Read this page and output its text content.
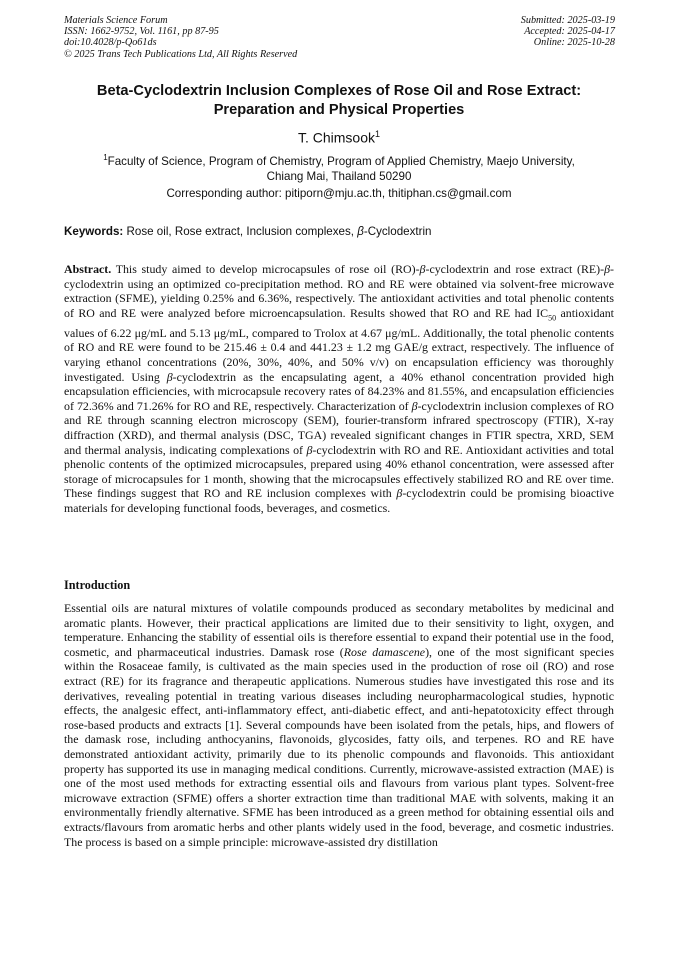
Materials Science Forum
ISSN: 1662-9752, Vol. 1161, pp 87-95
doi:10.4028/p-Qo61ds
© 2025 Trans Tech Publications Ltd, All Rights Reserved
Submitted: 2025-03-19
Accepted: 2025-04-17
Online: 2025-10-28
Beta-Cyclodextrin Inclusion Complexes of Rose Oil and Rose Extract:
Preparation and Physical Properties
T. Chimsook$^1$
$^1$Faculty of Science, Program of Chemistry, Program of Applied Chemistry, Maejo University,
Chiang Mai, Thailand 50290
Corresponding author: pitiporn@mju.ac.th, thitiphan.cs@gmail.com
Keywords: Rose oil, Rose extract, Inclusion complexes, β-Cyclodextrin
Abstract. This study aimed to develop microcapsules of rose oil (RO)-β-cyclodextrin and rose extract (RE)-β-cyclodextrin using an optimized co-precipitation method. RO and RE were obtained via solvent-free microwave extraction (SFME), yielding 0.25% and 6.36%, respectively. The antioxidant activities and total phenolic contents of RO and RE were analyzed before microencapsulation. Results showed that RO and RE had $IC_{50}$ antioxidant values of 6.22 μg/mL and 5.13 μg/mL, compared to Trolox at 4.67 μg/mL. Additionally, the total phenolic contents of RO and RE were found to be 215.46 ± 0.4 and 441.23 ± 1.2 mg GAE/g extract, respectively. The influence of varying ethanol concentrations (20%, 30%, 40%, and 50% v/v) on encapsulation efficiency was thoroughly investigated. Using β-cyclodextrin as the encapsulating agent, a 40% ethanol concentration provided high encapsulation efficiencies, with microcapsule recovery rates of 84.23% and 81.55%, and encapsulation efficiencies of 72.36% and 71.26% for RO and RE, respectively. Characterization of β-cyclodextrin inclusion complexes of RO and RE through scanning electron microscopy (SEM), fourier-transform infrared spectroscopy (FTIR), X-ray diffraction (XRD), and thermal analysis (DSC, TGA) revealed significant changes in FTIR spectra, XRD, SEM and thermal analysis, indicating complexations of β-cyclodextrin with RO and RE. Antioxidant activities and total phenolic contents of the optimized microcapsules, prepared using 40% ethanol concentration, were assessed after storage of microcapsules for 1 month, showing that the microcapsules effectively stabilized RO and RE over time. These findings suggest that RO and RE inclusion complexes with β-cyclodextrin could be promising bioactive materials for developing functional foods, beverages, and cosmetics.
Introduction
Essential oils are natural mixtures of volatile compounds produced as secondary metabolites by medicinal and aromatic plants. However, their practical applications are limited due to their sensitivity to light, oxygen, and temperature. Enhancing the stability of essential oils is therefore essential to expand their potential use in the food, cosmetic, and pharmaceutical industries. Damask rose (Rose damascene), one of the most significant species within the Rosaceae family, is cultivated as the main species used in the production of rose oil (RO) and rose extract (RE) for its fragrance and therapeutic applications. Numerous studies have investigated this rose and its derivatives, revealing potential in treating various diseases including neuropharmacological studies, hypnotic effects, the analgesic effect, anti-inflammatory effect, anti-diabetic effect, and anti-hepatotoxicity effect through rose-based products and extracts [1]. Several compounds have been isolated from the petals, hips, and flowers of the damask rose, including anthocyanins, flavonoids, glycosides, fatty oils, and terpenes. RO and RE have demonstrated antioxidant activity, primarily due to its phenolic compounds and flavonoids. This antioxidant property has supported its use in managing medical conditions. Currently, microwave-assisted extraction (MAE) is one of the most used methods for extracting essential oils and flavours from various plant types. Solvent-free microwave extraction (SFME) offers a shorter extraction time than traditional MAE with solvents, making it an environmentally friendly alternative. SFME has been introduced as a green method for obtaining essential oils and extracts/flavours from aromatic herbs and other plants widely used in the food, beverage, and cosmetic industries. The process is based on a simple principle: microwave-assisted dry distillation
